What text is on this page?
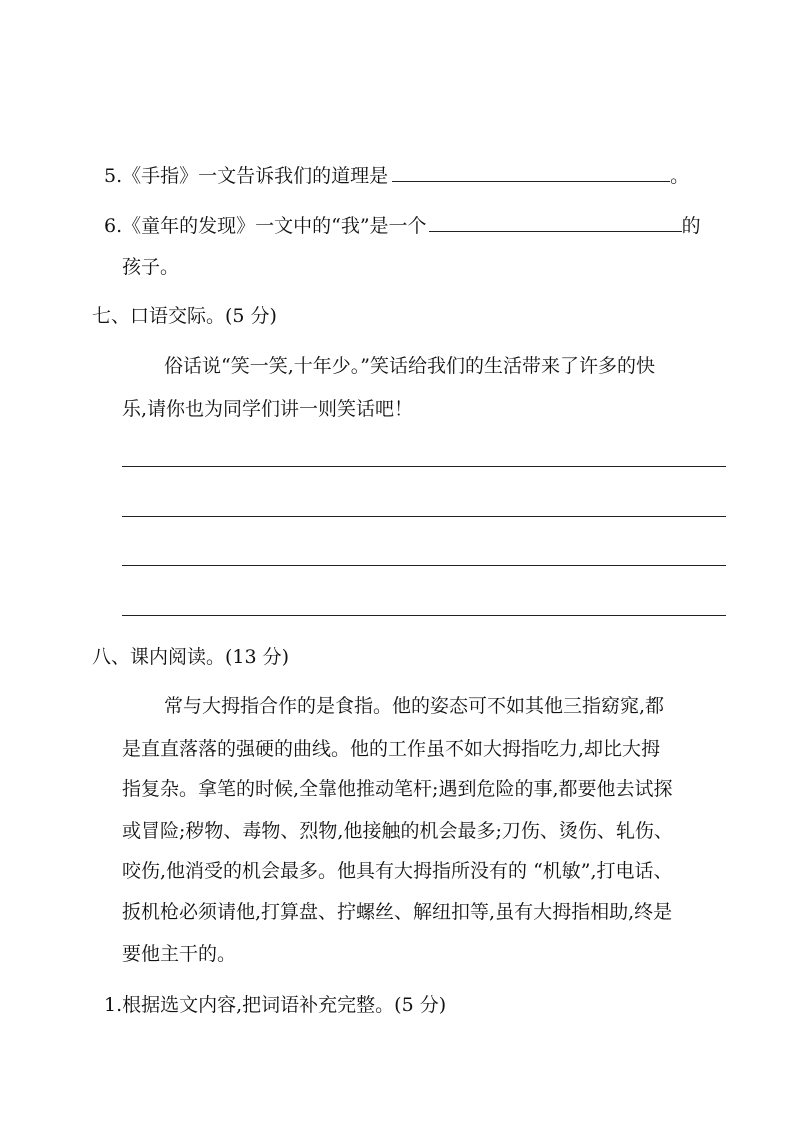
5.《手指》一文告诉我们的道理是	。
6.《童年的发现》一文中的“我”是一个	的
孩子。
七、口语交际。(5 分)
俗话说“笑一笑,十年少。”笑话给我们的生活带来了许多的快
乐,请你也为同学们讲一则笑话吧！
八、课内阅读。(13 分)
常与大拇指合作的是食指。他的姿态可不如其他三指窈窕,都
是直直落落的强硬的曲线。他的工作虽不如大拇指吃力,却比大拇
指复杂。拿笔的时候,全靠他推动笔杆;遇到危险的事,都要他去试探
或冒险;秽物、毒物、烈物,他接触的机会最多;刀伤、烫伤、轧伤、
咬伤,他消受的机会最多。他具有大拇指所没有的 “机敏”,打电话、
扳机枪必须请他,打算盘、拧螺丝、解纽扣等,虽有大拇指相助,终是
要他主干的。
1.根据选文内容,把词语补充完整。(5 分)
